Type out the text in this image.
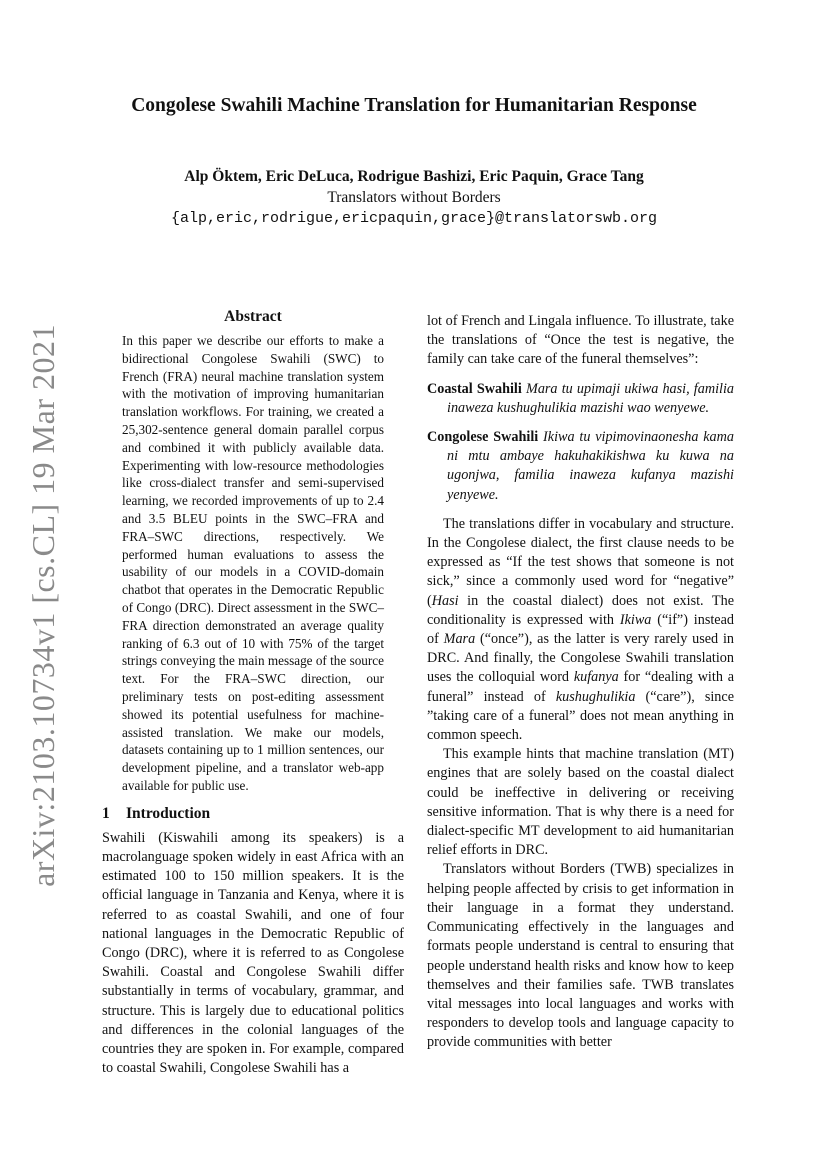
arXiv:2103.10734v1 [cs.CL] 19 Mar 2021
Congolese Swahili Machine Translation for Humanitarian Response
Alp Öktem, Eric DeLuca, Rodrigue Bashizi, Eric Paquin, Grace Tang
Translators without Borders
{alp,eric,rodrigue,ericpaquin,grace}@translatorswb.org
Abstract

In this paper we describe our efforts to make a bidirectional Congolese Swahili (SWC) to French (FRA) neural machine translation system with the motivation of improving humanitarian translation workflows. For training, we created a 25,302-sentence general domain parallel corpus and combined it with publicly available data. Experimenting with low-resource methodologies like cross-dialect transfer and semi-supervised learning, we recorded improvements of up to 2.4 and 3.5 BLEU points in the SWC–FRA and FRA–SWC directions, respectively. We performed human evaluations to assess the usability of our models in a COVID-domain chatbot that operates in the Democratic Republic of Congo (DRC). Direct assessment in the SWC–FRA direction demonstrated an average quality ranking of 6.3 out of 10 with 75% of the target strings conveying the main message of the source text. For the FRA–SWC direction, our preliminary tests on post-editing assessment showed its potential usefulness for machine-assisted translation. We make our models, datasets containing up to 1 million sentences, our development pipeline, and a translator web-app available for public use.

1 Introduction

Swahili (Kiswahili among its speakers) is a macrolanguage spoken widely in east Africa with an estimated 100 to 150 million speakers. It is the official language in Tanzania and Kenya, where it is referred to as coastal Swahili, and one of four national languages in the Democratic Republic of Congo (DRC), where it is referred to as Congolese Swahili. Coastal and Congolese Swahili differ substantially in terms of vocabulary, grammar, and structure. This is largely due to educational politics and differences in the colonial languages of the countries they are spoken in. For example, compared to coastal Swahili, Congolese Swahili has a

lot of French and Lingala influence. To illustrate, take the translations of “Once the test is negative, the family can take care of the funeral themselves”:

Coastal Swahili Mara tu upimaji ukiwa hasi, familia inaweza kushughulikia mazishi wao wenyewe.

Congolese Swahili Ikiwa tu vipimovinaonesha kama ni mtu ambaye hakuhakikishwa ku kuwa na ugonjwa, familia inaweza kufanya mazishi yenyewe.

The translations differ in vocabulary and structure. In the Congolese dialect, the first clause needs to be expressed as “If the test shows that someone is not sick,” since a commonly used word for “negative” (Hasi in the coastal dialect) does not exist. The conditionality is expressed with Ikiwa (“if”) instead of Mara (“once”), as the latter is very rarely used in DRC. And finally, the Congolese Swahili translation uses the colloquial word kufanya for “dealing with a funeral” instead of kushughulikia (“care”), since ”taking care of a funeral” does not mean anything in common speech.

This example hints that machine translation (MT) engines that are solely based on the coastal dialect could be ineffective in delivering or receiving sensitive information. That is why there is a need for dialect-specific MT development to aid humanitarian relief efforts in DRC.

Translators without Borders (TWB) specializes in helping people affected by crisis to get information in their language in a format they understand. Communicating effectively in the languages and formats people understand is central to ensuring that people understand health risks and know how to keep themselves and their families safe. TWB translates vital messages into local languages and works with responders to develop tools and language capacity to provide communities with better
